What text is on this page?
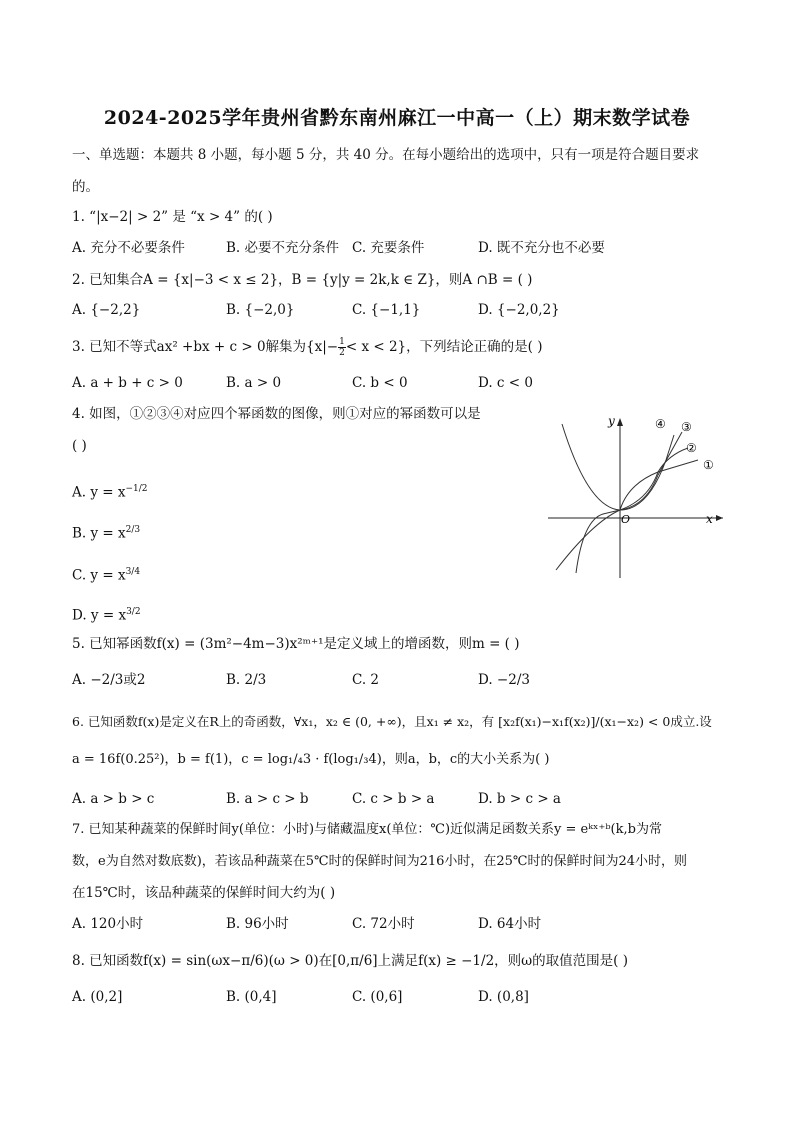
2024-2025学年贵州省黔东南州麻江一中高一（上）期末数学试卷
一、单选题：本题共 8 小题，每小题 5 分，共 40 分。在每小题给出的选项中，只有一项是符合题目要求
的。
1. “|x−2| > 2” 是 “x > 4” 的( )
A. 充分不必要条件	B. 必要不充分条件 C. 充要条件	D. 既不充分也不必要
2. 已知集合A = {x|−3 < x ≤ 2}，B = {y|y = 2k,k ∈ Z}，则A ∩B = ( )
A. {−2,2}	B. {−2,0}	C. {−1,1}	D. {−2,0,2}
3. 已知不等式ax² +bx + c > 0解集为$\{x|- \frac{1}{2} < x < 2\}$，下列结论正确的是( )
A. a + b + c > 0	B. a > 0	C. b < 0	D. c < 0
4. 如图，①②③④对应四个幂函数的图像，则①对应的幂函数可以是
( )
A. $y = x^{-1/2}$
B. $y = x^{2/3}$
C. $y = x^{3/4}$
D. $y = x^{3/2}$
x
y
O
④ ③
②
①
5. 已知幂函数f(x) = (3m²−4m−3)x²ᵐ⁺¹是定义域上的增函数，则m = ( )
A. −2/3或2	B. 2/3	C. 2	D. −2/3
6. 已知函数f(x)是定义在R上的奇函数，∀x₁，x₂ ∈ (0, +∞)，且x₁ ≠ x₂，有 [x₂f(x₁)−x₁f(x₂)]/(x₁−x₂) < 0成立.设
a = 16f(0.25²)，b = f(1)，c = log₁/₄3 · f(log₁/₃4)，则a，b，c的大小关系为( )
A. a > b > c	B. a > c > b	C. c > b > a	D. b > c > a
7. 已知某种蔬菜的保鲜时间y(单位：小时)与储藏温度x(单位：℃)近似满足函数关系y = eᵏˣ⁺ᵇ(k,b为常
数，e为自然对数底数)，若该品种蔬菜在5℃时的保鲜时间为216小时，在25℃时的保鲜时间为24小时，则
在15℃时，该品种蔬菜的保鲜时间大约为( )
A. 120小时	B. 96小时	C. 72小时	D. 64小时
8. 已知函数f(x) = sin(ωx−π/6)(ω > 0)在[0,π/6]上满足f(x) ≥ −1/2，则ω的取值范围是( )
A. (0,2]	B. (0,4]	C. (0,6]	D. (0,8]
